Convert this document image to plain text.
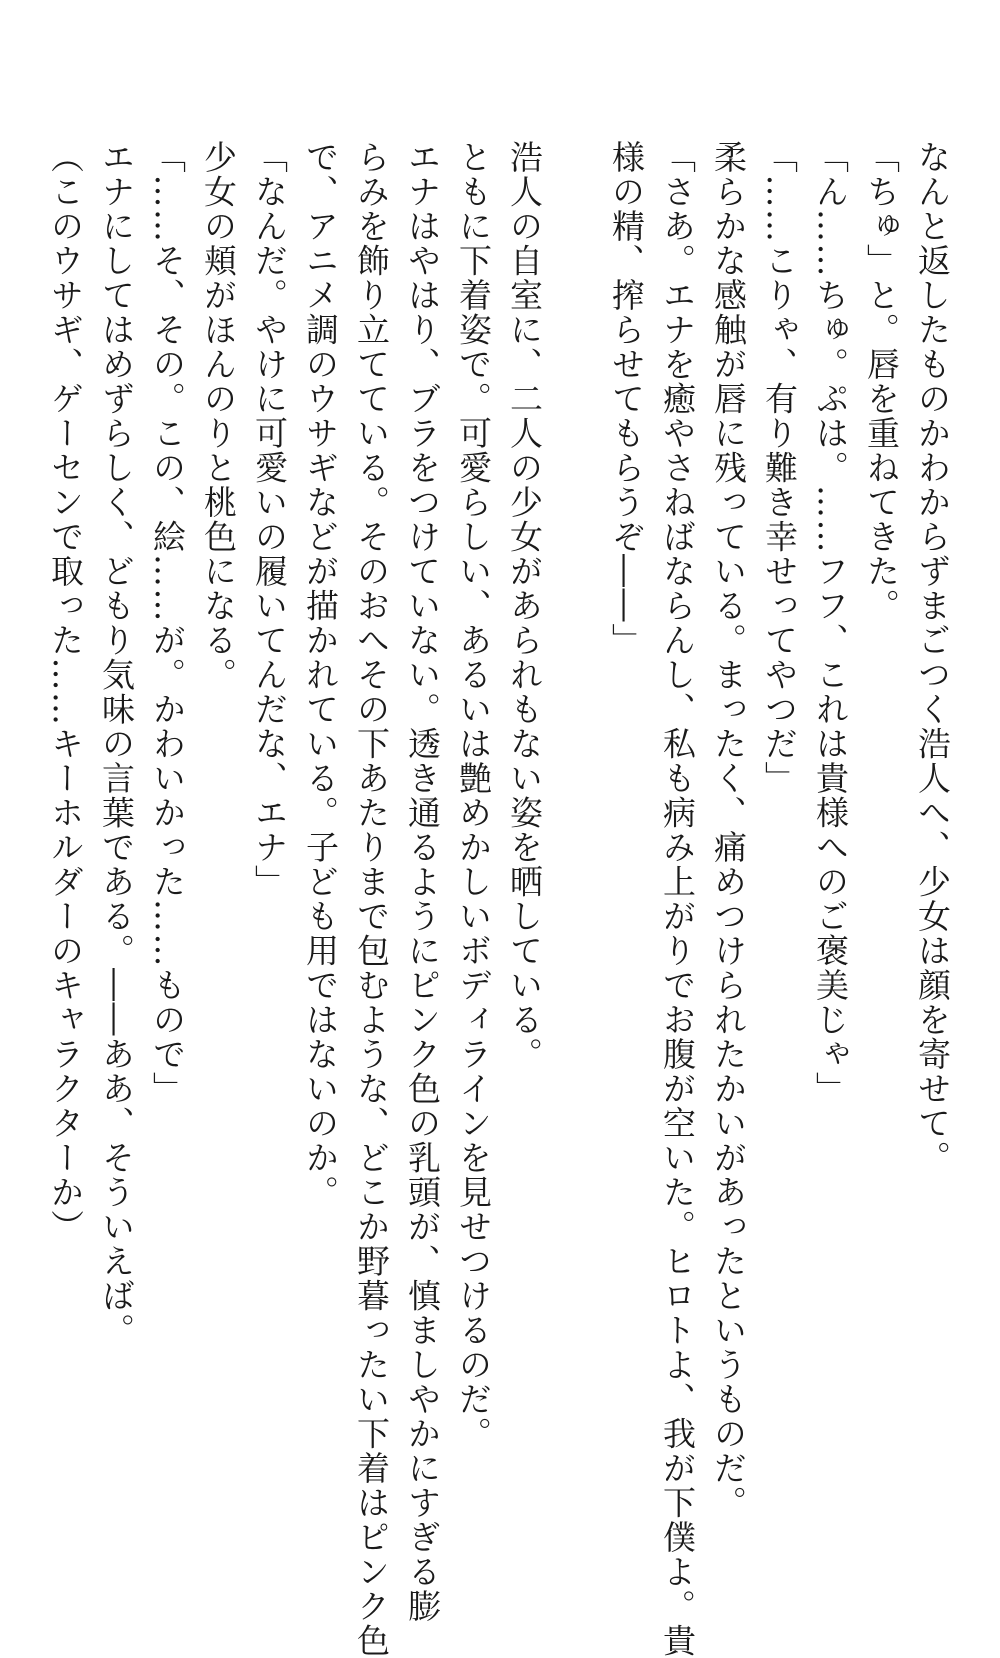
なんと返したものかわからずまごつく浩人へ、少女は顔を寄せて。
「ちゅ」と。唇を重ねてきた。
「ん……ちゅ。ぷは。……フフ、これは貴様へのご褒美じゃ」
「……こりゃ、有り難き幸せってやつだ」
柔らかな感触が唇に残っている。まったく、痛めつけられたかいがあったというものだ。
「さあ。エナを癒やさねばならんし、私も病み上がりでお腹が空いた。ヒロトよ、我が下僕よ。貴
様の精、搾らせてもらうぞ――」
浩人の自室に、二人の少女があられもない姿を晒している。
ともに下着姿で。可愛らしい、あるいは艶めかしいボディラインを見せつけるのだ。
エナはやはり、ブラをつけていない。透き通るようにピンク色の乳頭が、慎ましやかにすぎる膨
らみを飾り立てている。そのおへその下あたりまで包むような、どこか野暮ったい下着はピンク色
で、アニメ調のウサギなどが描かれている。子ども用ではないのか。
「なんだ。やけに可愛いの履いてんだな、エナ」
少女の頬がほんのりと桃色になる。
「……そ、その。この、絵……が。かわいかった……もので」
エナにしてはめずらしく、どもり気味の言葉である。――ああ、そういえば。
（このウサギ、ゲーセンで取った……キーホルダーのキャラクターか）
